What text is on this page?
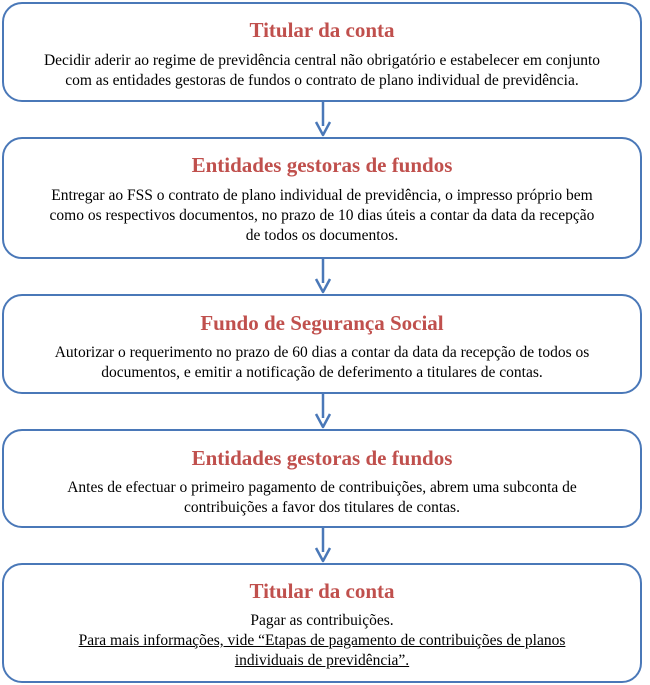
Titular da conta
Decidir aderir ao regime de previdência central não obrigatório e estabelecer em conjunto
com as entidades gestoras de fundos o contrato de plano individual de previdência.
Entidades gestoras de fundos
Entregar ao FSS o contrato de plano individual de previdência, o impresso próprio bem
como os respectivos documentos, no prazo de 10 dias úteis a contar da data da recepção
de todos os documentos.
Fundo de Segurança Social
Autorizar o requerimento no prazo de 60 dias a contar da data da recepção de todos os
documentos, e emitir a notificação de deferimento a titulares de contas.
Entidades gestoras de fundos
Antes de efectuar o primeiro pagamento de contribuições, abrem uma subconta de
contribuições a favor dos titulares de contas.
Titular da conta
Pagar as contribuições.
Para mais informações, vide “Etapas de pagamento de contribuições de planos
individuais de previdência”.
